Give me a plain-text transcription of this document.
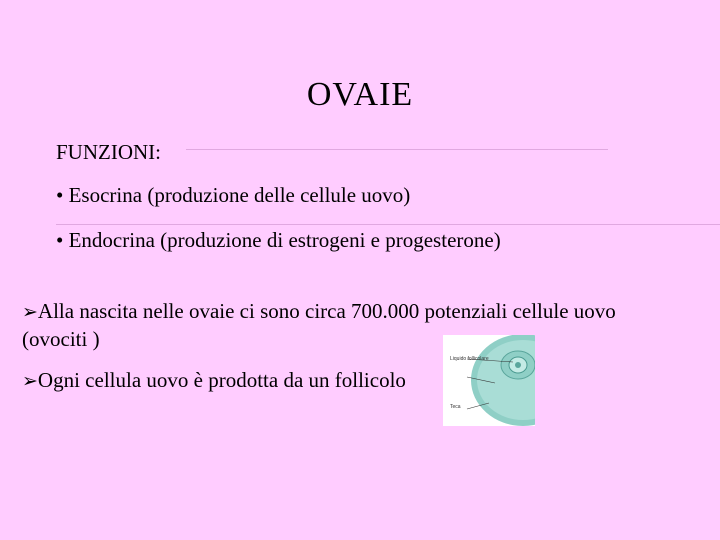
OVAIE
FUNZIONI:
• Esocrina (produzione delle cellule uovo)
• Endocrina (produzione di estrogeni e progesterone)
➢Alla nascita nelle ovaie ci sono circa 700.000 potenziali cellule uovo (ovociti )
➢Ogni cellula uovo è prodotta da un follicolo
Liquido follicolare
Teca
